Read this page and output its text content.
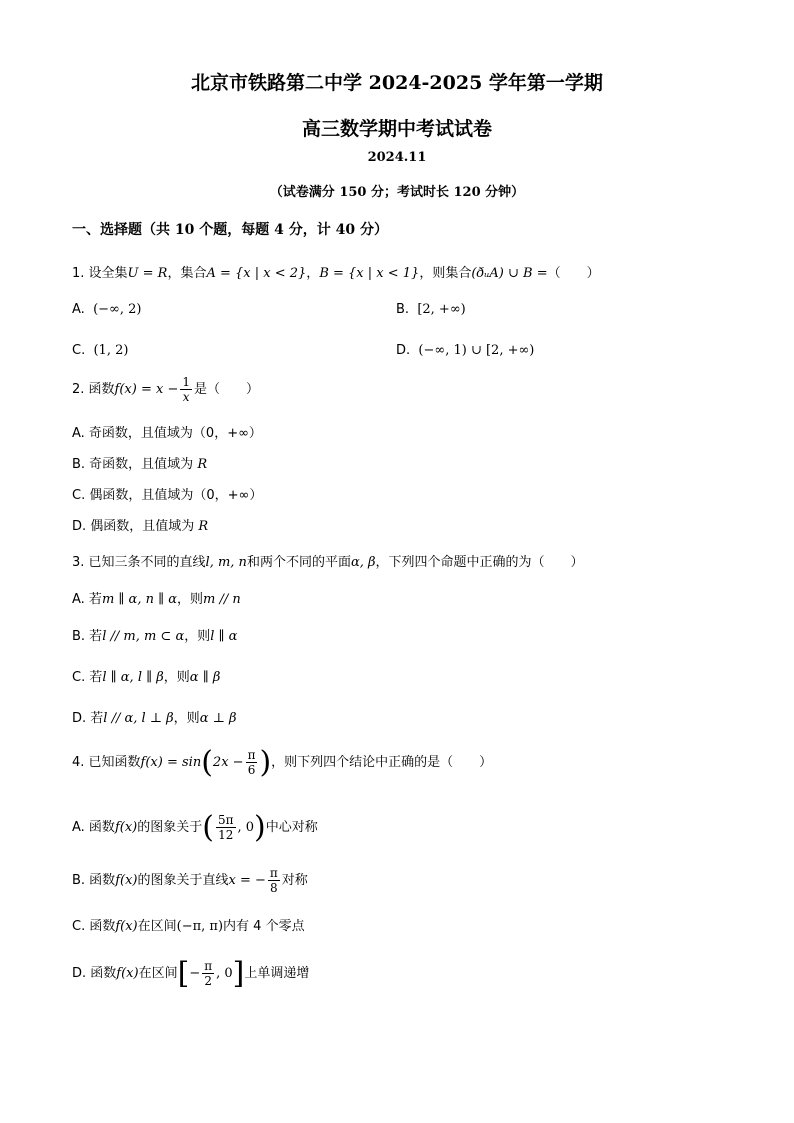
北京市铁路第二中学 2024-2025 学年第一学期
高三数学期中考试试卷
2024.11
（试卷满分 150 分；考试时长 120 分钟）
一、选择题（共 10 个题，每题 4 分，计 40 分）
1. 设全集U = R，集合A = {x | x < 2}，B = {x | x < 1}，则集合(ðᵤA) ∪ B =（　　）
A. (−∞, 2)	B. [2, +∞)
C. (1, 2)	D. (−∞, 1) ∪ [2, +∞)
2. 函数$f(x) = x - \frac{1}{x}$ 是（　　）
A. 奇函数，且值域为（0，+∞）
B. 奇函数，且值域为 R
C. 偶函数，且值域为（0，+∞）
D. 偶函数，且值域为 R
3. 已知三条不同的直线l, m, n和两个不同的平面α, β，下列四个命题中正确的为（　　）
A. 若m ∥ α, n ∥ α，则m // n
B. 若l // m, m ⊂ α，则l ∥ α
C. 若l ∥ α, l ∥ β，则α ∥ β
D. 若l // α, l ⊥ β，则α ⊥ β
4. 已知函数$f(x) = \sin(2x - \frac{\pi}{6}$ )，则下列四个结论中正确的是（　　）
A. 函数f(x)的图象关于( $\frac{5\pi}{12}$ , 0)中心对称
B. 函数f(x)的图象关于直线x = − $\frac{\pi}{8}$ 对称
C. 函数f(x)在区间(−π, π)内有 4 个零点
D. 函数f(x)在区间[− $\frac{\pi}{2}$ , 0]上单调递增
